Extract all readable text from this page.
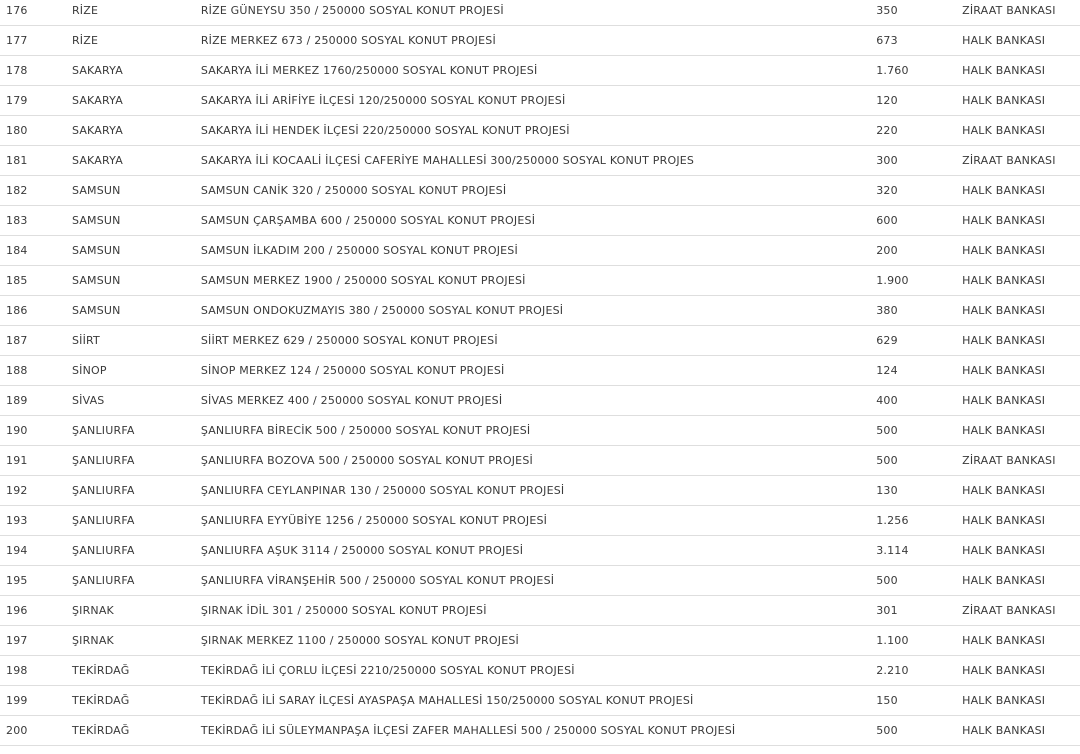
176	RİZE	RİZE GÜNEYSU 350 / 250000 SOSYAL KONUT PROJESİ	350	ZİRAAT BANKASI
177	RİZE	RİZE MERKEZ 673 / 250000 SOSYAL KONUT PROJESİ	673	HALK BANKASI
178	SAKARYA	SAKARYA İLİ MERKEZ 1760/250000 SOSYAL KONUT PROJESİ	1.760	HALK BANKASI
179	SAKARYA	SAKARYA İLİ ARİFİYE İLÇESİ 120/250000 SOSYAL KONUT PROJESİ	120	HALK BANKASI
180	SAKARYA	SAKARYA İLİ HENDEK İLÇESİ 220/250000 SOSYAL KONUT PROJESİ	220	HALK BANKASI
181	SAKARYA	SAKARYA İLİ KOCAALİ İLÇESİ CAFERİYE MAHALLESİ 300/250000 SOSYAL KONUT PROJES	300	ZİRAAT BANKASI
182	SAMSUN	SAMSUN CANİK 320 / 250000 SOSYAL KONUT PROJESİ	320	HALK BANKASI
183	SAMSUN	SAMSUN ÇARŞAMBA 600 / 250000 SOSYAL KONUT PROJESİ	600	HALK BANKASI
184	SAMSUN	SAMSUN İLKADIM 200 / 250000 SOSYAL KONUT PROJESİ	200	HALK BANKASI
185	SAMSUN	SAMSUN MERKEZ 1900 / 250000 SOSYAL KONUT PROJESİ	1.900	HALK BANKASI
186	SAMSUN	SAMSUN ONDOKUZMAYIS 380 / 250000 SOSYAL KONUT PROJESİ	380	HALK BANKASI
187	SİİRT	SİİRT MERKEZ 629 / 250000 SOSYAL KONUT PROJESİ	629	HALK BANKASI
188	SİNOP	SİNOP MERKEZ 124 / 250000 SOSYAL KONUT PROJESİ	124	HALK BANKASI
189	SİVAS	SİVAS MERKEZ 400 / 250000 SOSYAL KONUT PROJESİ	400	HALK BANKASI
190	ŞANLIURFA	ŞANLIURFA BİRECİK 500 / 250000 SOSYAL KONUT PROJESİ	500	HALK BANKASI
191	ŞANLIURFA	ŞANLIURFA BOZOVA 500 / 250000 SOSYAL KONUT PROJESİ	500	ZİRAAT BANKASI
192	ŞANLIURFA	ŞANLIURFA CEYLANPINAR 130 / 250000 SOSYAL KONUT PROJESİ	130	HALK BANKASI
193	ŞANLIURFA	ŞANLIURFA EYYÜBİYE 1256 / 250000 SOSYAL KONUT PROJESİ	1.256	HALK BANKASI
194	ŞANLIURFA	ŞANLIURFA AŞUK 3114 / 250000 SOSYAL KONUT PROJESİ	3.114	HALK BANKASI
195	ŞANLIURFA	ŞANLIURFA VİRANŞEHİR 500 / 250000 SOSYAL KONUT PROJESİ	500	HALK BANKASI
196	ŞIRNAK	ŞIRNAK İDİL 301 / 250000 SOSYAL KONUT PROJESİ	301	ZİRAAT BANKASI
197	ŞIRNAK	ŞIRNAK MERKEZ 1100 / 250000 SOSYAL KONUT PROJESİ	1.100	HALK BANKASI
198	TEKİRDAĞ	TEKİRDAĞ İLİ ÇORLU İLÇESİ 2210/250000 SOSYAL KONUT PROJESİ	2.210	HALK BANKASI
199	TEKİRDAĞ	TEKİRDAĞ İLİ SARAY İLÇESİ AYASPAŞA MAHALLESİ 150/250000 SOSYAL KONUT PROJESİ	150	HALK BANKASI
200	TEKİRDAĞ	TEKİRDAĞ İLİ SÜLEYMANPAŞA İLÇESİ ZAFER MAHALLESİ 500 / 250000 SOSYAL KONUT PROJESİ	500	HALK BANKASI
